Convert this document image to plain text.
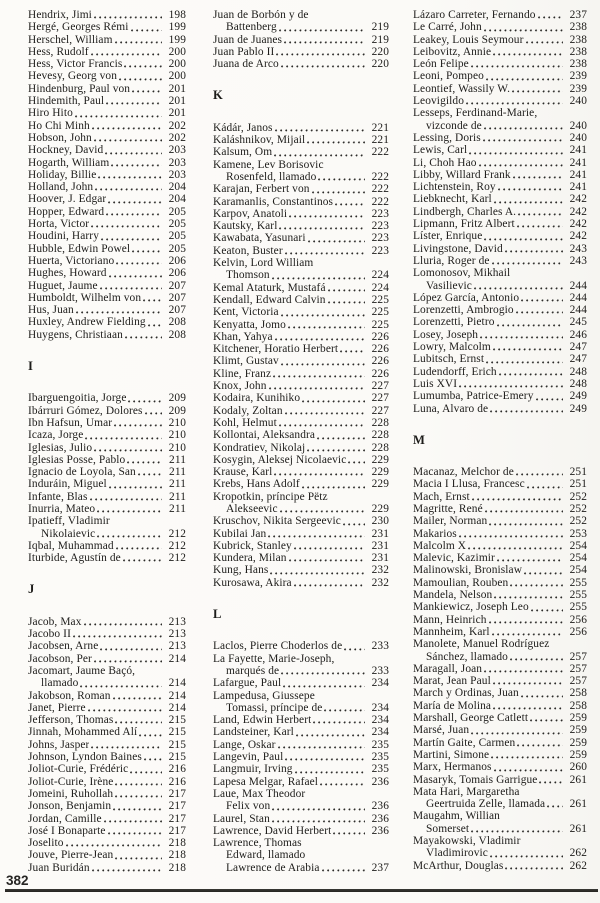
Hendrix, Jimi	198
Hergé, Georges Rémi	199
Herschel, William	199
Hess, Rudolf	200
Hess, Victor Francis	200
Hevesy, Georg von	200
Hindenburg, Paul von	201
Hindemith, Paul	201
Hiro Hito	201
Ho Chi Minh	202
Hobson, John	202
Hockney, David	203
Hogarth, William	203
Holiday, Billie	203
Holland, John	204
Hoover, J. Edgar	204
Hopper, Edward	205
Horta, Victor	205
Houdini, Harry	205
Hubble, Edwin Powel	205
Huerta, Victoriano	206
Hughes, Howard	206
Huguet, Jaume	207
Humboldt, Wilhelm von	207
Hus, Juan	207
Huxley, Andrew Fielding	208
Huygens, Christiaan	208
I
Ibarguengoitia, Jorge	209
Ibárruri Gómez, Dolores	209
Ibn Hafsun, Umar	210
Icaza, Jorge	210
Iglesias, Julio	210
Iglesias Posse, Pablo	211
Ignacio de Loyola, San	211
Induráin, Miguel	211
Infante, Blas	211
Inurria, Mateo	211
Ipatieff, Vladimir
Nikolaievic	212
Iqbal, Muhammad	212
Iturbide, Agustín de	212
J
Jacob, Max	213
Jacobo II	213
Jacobsen, Arne	213
Jacobson, Per	214
Jacomart, Jaume Baçó,
llamado	214
Jakobson, Roman	214
Janet, Pierre	214
Jefferson, Thomas	215
Jinnah, Mohammed Alí	215
Johns, Jasper	215
Johnson, Lyndon Baines	215
Joliot-Curie, Frédéric	216
Joliot-Curie, Irène	216
Jomeini, Ruhollah	217
Jonson, Benjamin	217
Jordan, Camille	217
José I Bonaparte	217
Joselito	218
Jouve, Pierre-Jean	218
Juan Buridán	218
Juan de Borbón y de
Battenberg	219
Juan de Juanes	219
Juan Pablo II	220
Juana de Arco	220
K
Kádár, Janos	221
Kaláshnikov, Mijail	221
Kalsum, Om	222
Kamene, Lev Borisovic
Rosenfeld, llamado	222
Karajan, Ferbert von	222
Karamanlis, Constantinos	222
Karpov, Anatoli	223
Kautsky, Karl	223
Kawabata, Yasunari	223
Keaton, Buster	223
Kelvin, Lord William
Thomson	224
Kemal Ataturk, Mustafá	224
Kendall, Edward Calvin	225
Kent, Victoria	225
Kenyatta, Jomo	225
Khan, Yahya	226
Kitchener, Horatio Herbert	226
Klimt, Gustav	226
Kline, Franz	226
Knox, John	227
Kodaira, Kunihiko	227
Kodaly, Zoltan	227
Kohl, Helmut	228
Kollontai, Aleksandra	228
Kondratiev, Nikolaj	228
Kosygin, Aleksej Nicolaevic	229
Krause, Karl	229
Krebs, Hans Adolf	229
Kropotkin, príncipe Pëtz
Alekseevic	229
Kruschov, Nikita Sergeevic	230
Kubilai Jan	231
Kubrick, Stanley	231
Kundera, Milan	231
Kung, Hans	232
Kurosawa, Akira	232
L
Laclos, Pierre Choderlos de	233
La Fayette, Marie-Joseph,
marqués de	233
Lafargue, Paul	234
Lampedusa, Giussepe
Tomassi, príncipe de	234
Land, Edwin Herbert	234
Landsteiner, Karl	234
Lange, Oskar	235
Langevin, Paul	235
Langmuir, Irving	235
Lapesa Melgar, Rafael	236
Laue, Max Theodor
Felix von	236
Laurel, Stan	236
Lawrence, David Herbert	236
Lawrence, Thomas
Edward, llamado
Lawrence de Arabia	237
Lázaro Carreter, Fernando	237
Le Carré, John	238
Leakey, Louis Seymour	238
Leibovitz, Annie	238
León Felipe	238
Leoni, Pompeo	239
Leontief, Wassily W.	239
Leovigildo	240
Lesseps, Ferdinand-Marie,
vizconde de	240
Lessing, Doris	240
Lewis, Carl	241
Li, Choh Hao	241
Libby, Willard Frank	241
Lichtenstein, Roy	241
Liebknecht, Karl	242
Lindbergh, Charles A.	242
Lipmann, Fritz Albert	242
Líster, Enrique	242
Livingstone, David	243
Lluria, Roger de	243
Lomonosov, Mikhail
Vasilievic	244
López García, Antonio	244
Lorenzetti, Ambrogio	244
Lorenzetti, Pietro	245
Losey, Joseph	246
Lowry, Malcolm	247
Lubitsch, Ernst	247
Ludendorff, Erich	248
Luis XVI	248
Lumumba, Patrice-Emery	249
Luna, Alvaro de	249
M
Macanaz, Melchor de	251
Macia I Llusa, Francesc	251
Mach, Ernst	252
Magritte, René	252
Mailer, Norman	252
Makarios	253
Malcolm X	254
Malevic, Kazimir	254
Malinowski, Bronislaw	254
Mamoulian, Rouben	255
Mandela, Nelson	255
Mankiewicz, Joseph Leo	255
Mann, Heinrich	256
Mannheim, Karl	256
Manolete, Manuel Rodríguez
Sánchez, llamado	257
Maragall, Joan	257
Marat, Jean Paul	257
March y Ordinas, Juan	258
María de Molina	258
Marshall, George Catlett	259
Marsé, Juan	259
Martín Gaite, Carmen	259
Martini, Simone	259
Marx, Hermanos	260
Masaryk, Tomais Garrigue	261
Mata Hari, Margaretha
Geertruida Zelle, llamada	261
Maugahm, Willian
Somerset	261
Mayakowski, Vladimir
Vladimirovic	262
McArthur, Douglas	262
382
